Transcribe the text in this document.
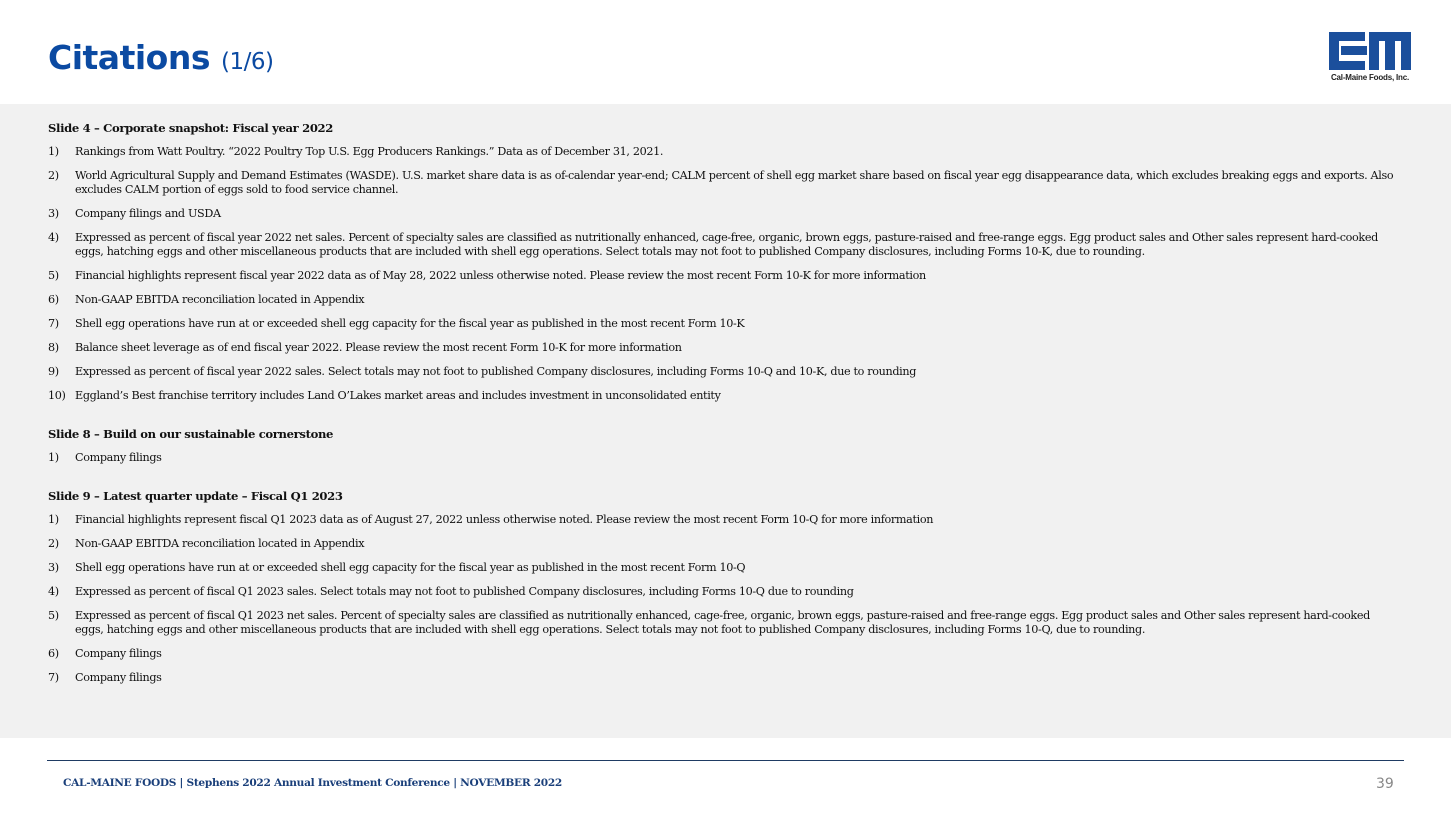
Citations (1/6)
Cal-Maine Foods, Inc.
Slide 4 – Corporate snapshot: Fiscal year 2022
1)	Rankings from Watt Poultry. “2022 Poultry Top U.S. Egg Producers Rankings.” Data as of December 31, 2021.
2)	World Agricultural Supply and Demand Estimates (WASDE). U.S. market share data is as of-calendar year-end; CALM percent of shell egg market share based on fiscal year egg disappearance data, which excludes breaking eggs and exports. Also excludes CALM portion of eggs sold to food service channel.
3)	Company filings and USDA
4)	Expressed as percent of fiscal year 2022 net sales. Percent of specialty sales are classified as nutritionally enhanced, cage-free, organic, brown eggs, pasture-raised and free-range eggs. Egg product sales and Other sales represent hard-cooked eggs, hatching eggs and other miscellaneous products that are included with shell egg operations. Select totals may not foot to published Company disclosures, including Forms 10-K, due to rounding.
5)	Financial highlights represent fiscal year 2022 data as of May 28, 2022 unless otherwise noted. Please review the most recent Form 10-K for more information
6)	Non-GAAP EBITDA reconciliation located in Appendix
7)	Shell egg operations have run at or exceeded shell egg capacity for the fiscal year as published in the most recent Form 10-K
8)	Balance sheet leverage as of end fiscal year 2022. Please review the most recent Form 10-K for more information
9)	Expressed as percent of fiscal year 2022 sales. Select totals may not foot to published Company disclosures, including Forms 10-Q and 10-K, due to rounding
10) Eggland’s Best franchise territory includes Land O’Lakes market areas and includes investment in unconsolidated entity
Slide 8 – Build on our sustainable cornerstone
1)	Company filings
Slide 9 – Latest quarter update – Fiscal Q1 2023
1)	Financial highlights represent fiscal Q1 2023 data as of August 27, 2022 unless otherwise noted. Please review the most recent Form 10-Q for more information
2)	Non-GAAP EBITDA reconciliation located in Appendix
3)	Shell egg operations have run at or exceeded shell egg capacity for the fiscal year as published in the most recent Form 10-Q
4)	Expressed as percent of fiscal Q1 2023 sales. Select totals may not foot to published Company disclosures, including Forms 10-Q due to rounding
5)	Expressed as percent of fiscal Q1 2023 net sales. Percent of specialty sales are classified as nutritionally enhanced, cage-free, organic, brown eggs, pasture-raised and free-range eggs. Egg product sales and Other sales represent hard-cooked eggs, hatching eggs and other miscellaneous products that are included with shell egg operations. Select totals may not foot to published Company disclosures, including Forms 10-Q, due to rounding.
6)	Company filings
7)	Company filings
CAL-MAINE FOODS | Stephens 2022 Annual Investment Conference | NOVEMBER 2022	39
